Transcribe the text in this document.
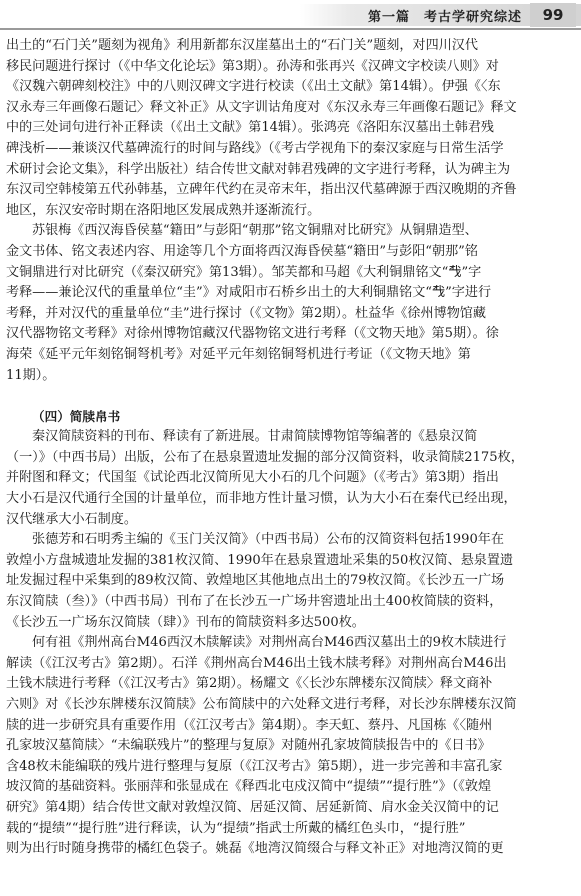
第一篇　考古学研究综述	99
出土的“石门关”题刻为视角》利用新都东汉崖墓出土的“石门关”题刻，对四川汉代
移民问题进行探讨（《中华文化论坛》第3期）。孙涛和张再兴《汉碑文字校读八则》对
《汉魏六朝碑刻校注》中的八则汉碑文字进行校读（《出土文献》第14辑）。伊强《〈东
汉永寿三年画像石题记〉释文补正》从文字训诂角度对《东汉永寿三年画像石题记》释文
中的三处词句进行补正释读（《出土文献》第14辑）。张鸿亮《洛阳东汉墓出土韩君残
碑浅析——兼谈汉代墓碑流行的时间与路线》（《考古学视角下的秦汉家庭与日常生活学
术研讨会论文集》，科学出版社）结合传世文献对韩君残碑的文字进行考释，认为碑主为
东汉司空韩棱第五代孙韩基，立碑年代约在灵帝末年，指出汉代墓碑源于西汉晚期的齐鲁
地区，东汉安帝时期在洛阳地区发展成熟并逐渐流行。
苏银梅《西汉海昏侯墓“籍田”与彭阳“朝那”铭文铜鼎对比研究》从铜鼎造型、
金文书体、铭文表述内容、用途等几个方面将西汉海昏侯墓“籍田”与彭阳“朝那”铭
文铜鼎进行对比研究（《秦汉研究》第13辑）。邹芙都和马超《大利铜鼎铭文“𢦔”字
考释——兼论汉代的重量单位“圭”》对咸阳市石桥乡出土的大利铜鼎铭文“𢦔”字进行
考释，并对汉代的重量单位“圭”进行探讨（《文物》第2期）。杜益华《徐州博物馆藏
汉代器物铭文考释》对徐州博物馆藏汉代器物铭文进行考释（《文物天地》第5期）。徐
海荣《延平元年刻铭铜弩机考》对延平元年刻铭铜弩机进行考证（《文物天地》第
11期）。
（四）简牍帛书
秦汉简牍资料的刊布、释读有了新进展。甘肃简牍博物馆等编著的《悬泉汉简
（一）》（中西书局）出版，公布了在悬泉置遗址发掘的部分汉简资料，收录简牍2175枚，
并附图和释文；代国玺《试论西北汉简所见大小石的几个问题》（《考古》第3期）指出
大小石是汉代通行全国的计量单位，而非地方性计量习惯，认为大小石在秦代已经出现，
汉代继承大小石制度。
张德芳和石明秀主编的《玉门关汉简》（中西书局）公布的汉简资料包括1990年在
敦煌小方盘城遗址发掘的381枚汉简、1990年在悬泉置遗址采集的50枚汉简、悬泉置遗
址发掘过程中采集到的89枚汉简、敦煌地区其他地点出土的79枚汉简。《长沙五一广场
东汉简牍（叁）》（中西书局）刊布了在长沙五一广场井窖遗址出土400枚简牍的资料，
《长沙五一广场东汉简牍（肆）》刊布的简牍资料多达500枚。
何有祖《荆州高台M46西汉木牍解读》对荆州高台M46西汉墓出土的9枚木牍进行
解读（《江汉考古》第2期）。石洋《荆州高台M46出土钱木牍考释》对荆州高台M46出
土钱木牍进行考释（《江汉考古》第2期）。杨耀文《〈长沙东牌楼东汉简牍〉释文商补
六则》对《长沙东牌楼东汉简牍》公布简牍中的六处释文进行考释，对长沙东牌楼东汉简
牍的进一步研究具有重要作用（《江汉考古》第4期）。李天虹、蔡丹、凡国栋《〈随州
孔家坡汉墓简牍〉“未编联残片”的整理与复原》对随州孔家坡简牍报告中的《日书》
含48枚未能编联的残片进行整理与复原（《江汉考古》第5期），进一步完善和丰富孔家
坡汉简的基础资料。张丽萍和张显成在《释西北屯戍汉简中“提绩”“提行胜”》（《敦煌
研究》第4期）结合传世文献对敦煌汉简、居延汉简、居延新简、肩水金关汉简中的记
载的“提绩”“提行胜”进行释读，认为“提绩”指武士所戴的橘红色头巾，“提行胜”
则为出行时随身携带的橘红色袋子。姚磊《地湾汉简缀合与释文补正》对地湾汉简的更
